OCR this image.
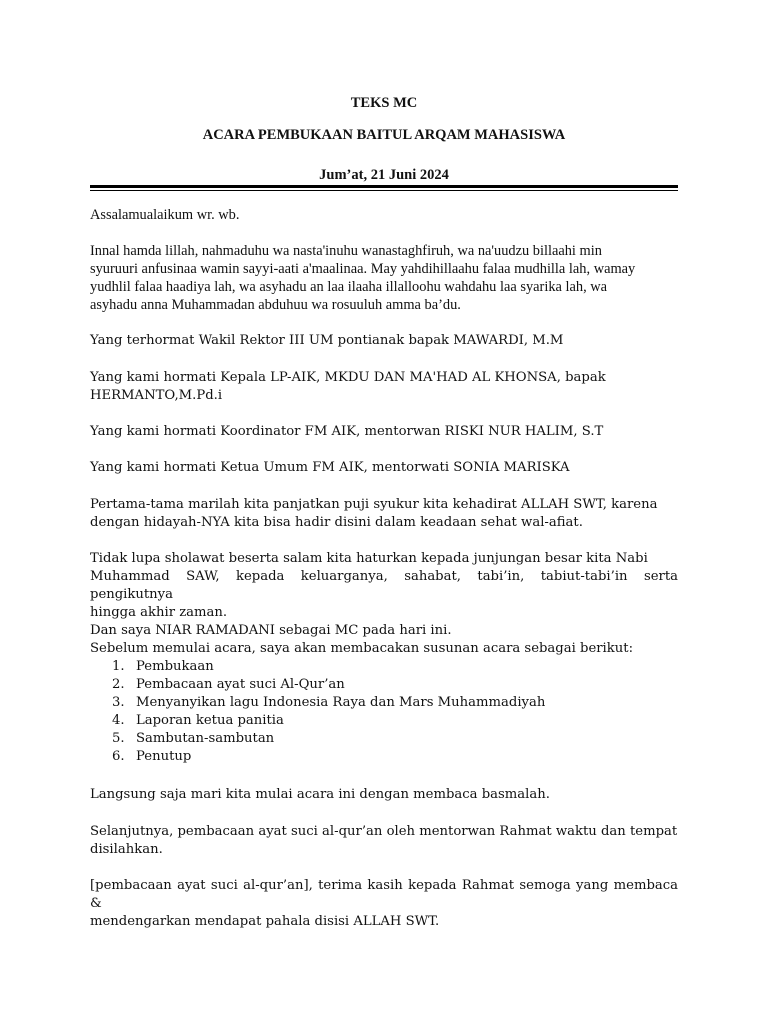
TEKS MC
ACARA PEMBUKAAN BAITUL ARQAM MAHASISWA
Jum’at, 21 Juni 2024

Assalamualaikum wr. wb.

Innal hamda lillah, nahmaduhu wa nasta'inuhu wanastaghfiruh, wa na'uudzu billaahi min
syuruuri anfusinaa wamin sayyi-aati a'maalinaa. May yahdihillaahu falaa mudhilla lah, wamay
yudhlil falaa haadiya lah, wa asyhadu an laa ilaaha illalloohu wahdahu laa syarika lah, wa
asyhadu anna Muhammadan abduhuu wa rosuuluh amma ba’du.

Yang terhormat Wakil Rektor III UM pontianak bapak MAWARDI, M.M

Yang kami hormati Kepala LP-AIK, MKDU DAN MA'HAD AL KHONSA, bapak
HERMANTO,M.Pd.i

Yang kami hormati Koordinator FM AIK, mentorwan RISKI NUR HALIM, S.T

Yang kami hormati Ketua Umum FM AIK, mentorwati SONIA MARISKA

Pertama-tama marilah kita panjatkan puji syukur kita kehadirat ALLAH SWT, karena
dengan hidayah-NYA kita bisa hadir disini dalam keadaan sehat wal-afiat.
Tidak lupa sholawat beserta salam kita haturkan kepada junjungan besar kita Nabi
Muhammad SAW, kepada keluarganya, sahabat, tabi’in, tabiut-tabi’in serta pengikutnya
hingga akhir zaman.
Dan saya NIAR RAMADANI sebagai MC pada hari ini.
Sebelum memulai acara, saya akan membacakan susunan acara sebagai berikut:
1. Pembukaan
2. Pembacaan ayat suci Al-Qur’an
3. Menyanyikan lagu Indonesia Raya dan Mars Muhammadiyah
4. Laporan ketua panitia
5. Sambutan-sambutan
6. Penutup

Langsung saja mari kita mulai acara ini dengan membaca basmalah.

Selanjutnya, pembacaan ayat suci al-qur’an oleh mentorwan Rahmat waktu dan tempat
disilahkan.
[pembacaan ayat suci al-qur’an], terima kasih kepada Rahmat semoga yang membaca &
mendengarkan mendapat pahala disisi ALLAH SWT.
